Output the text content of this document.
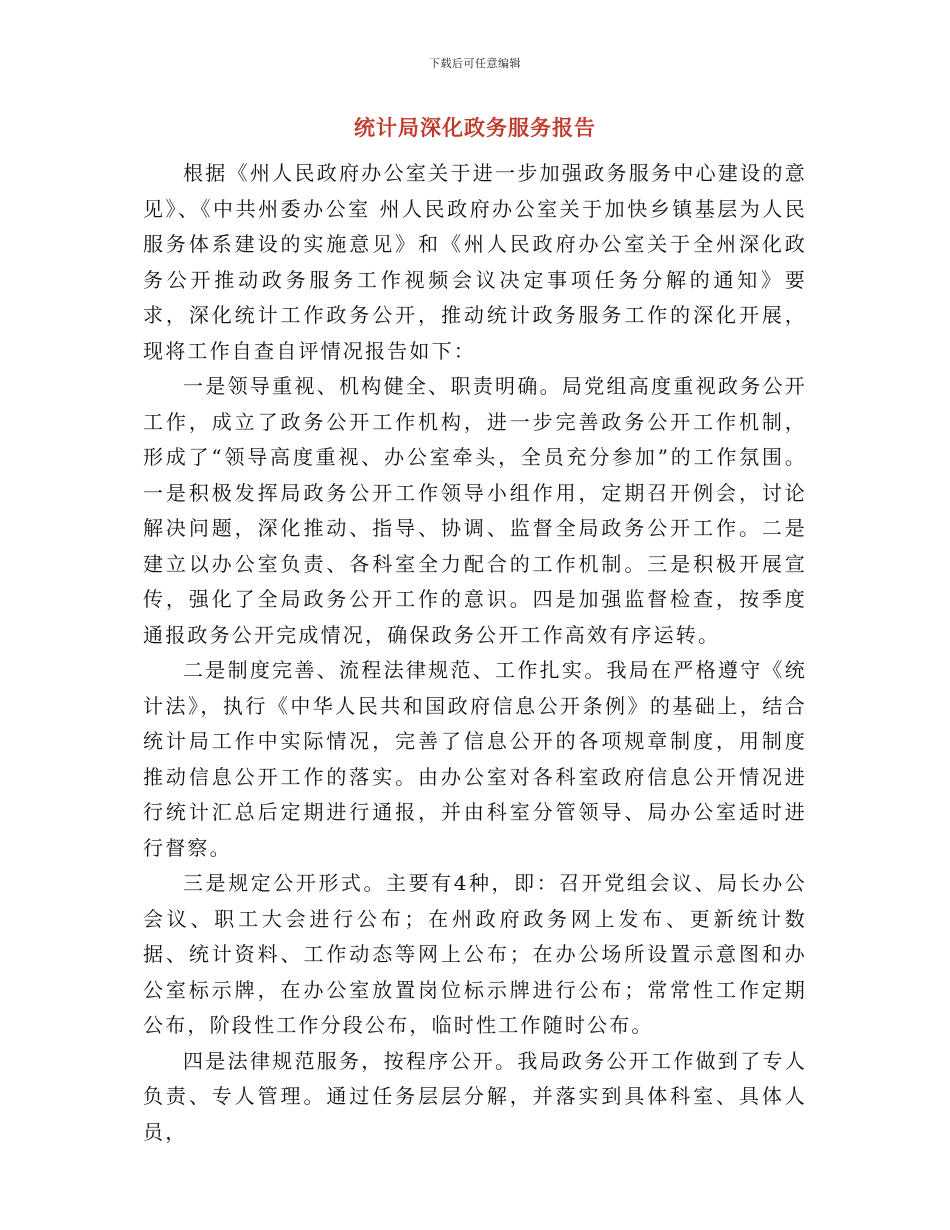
下载后可任意编辑
统计局深化政务服务报告

根据《州人民政府办公室关于进一步加强政务服务中心建设的意见》、《中共州委办公室 州人民政府办公室关于加快乡镇基层为人民服务体系建设的实施意见》和《州人民政府办公室关于全州深化政务公开推动政务服务工作视频会议决定事项任务分解的通知》要求，深化统计工作政务公开，推动统计政务服务工作的深化开展，现将工作自查自评情况报告如下：

一是领导重视、机构健全、职责明确。局党组高度重视政务公开工作，成立了政务公开工作机构，进一步完善政务公开工作机制，形成了“领导高度重视、办公室牵头，全员充分参加”的工作氛围。一是积极发挥局政务公开工作领导小组作用，定期召开例会，讨论解决问题，深化推动、指导、协调、监督全局政务公开工作。二是建立以办公室负责、各科室全力配合的工作机制。三是积极开展宣传，强化了全局政务公开工作的意识。四是加强监督检查，按季度通报政务公开完成情况，确保政务公开工作高效有序运转。

二是制度完善、流程法律规范、工作扎实。我局在严格遵守《统计法》，执行《中华人民共和国政府信息公开条例》的基础上，结合统计局工作中实际情况，完善了信息公开的各项规章制度，用制度推动信息公开工作的落实。由办公室对各科室政府信息公开情况进行统计汇总后定期进行通报，并由科室分管领导、局办公室适时进行督察。

三是规定公开形式。主要有4种，即：召开党组会议、局长办公会议、职工大会进行公布；在州政府政务网上发布、更新统计数据、统计资料、工作动态等网上公布；在办公场所设置示意图和办公室标示牌，在办公室放置岗位标示牌进行公布；常常性工作定期公布，阶段性工作分段公布，临时性工作随时公布。

四是法律规范服务，按程序公开。我局政务公开工作做到了专人负责、专人管理。通过任务层层分解，并落实到具体科室、具体人员，
